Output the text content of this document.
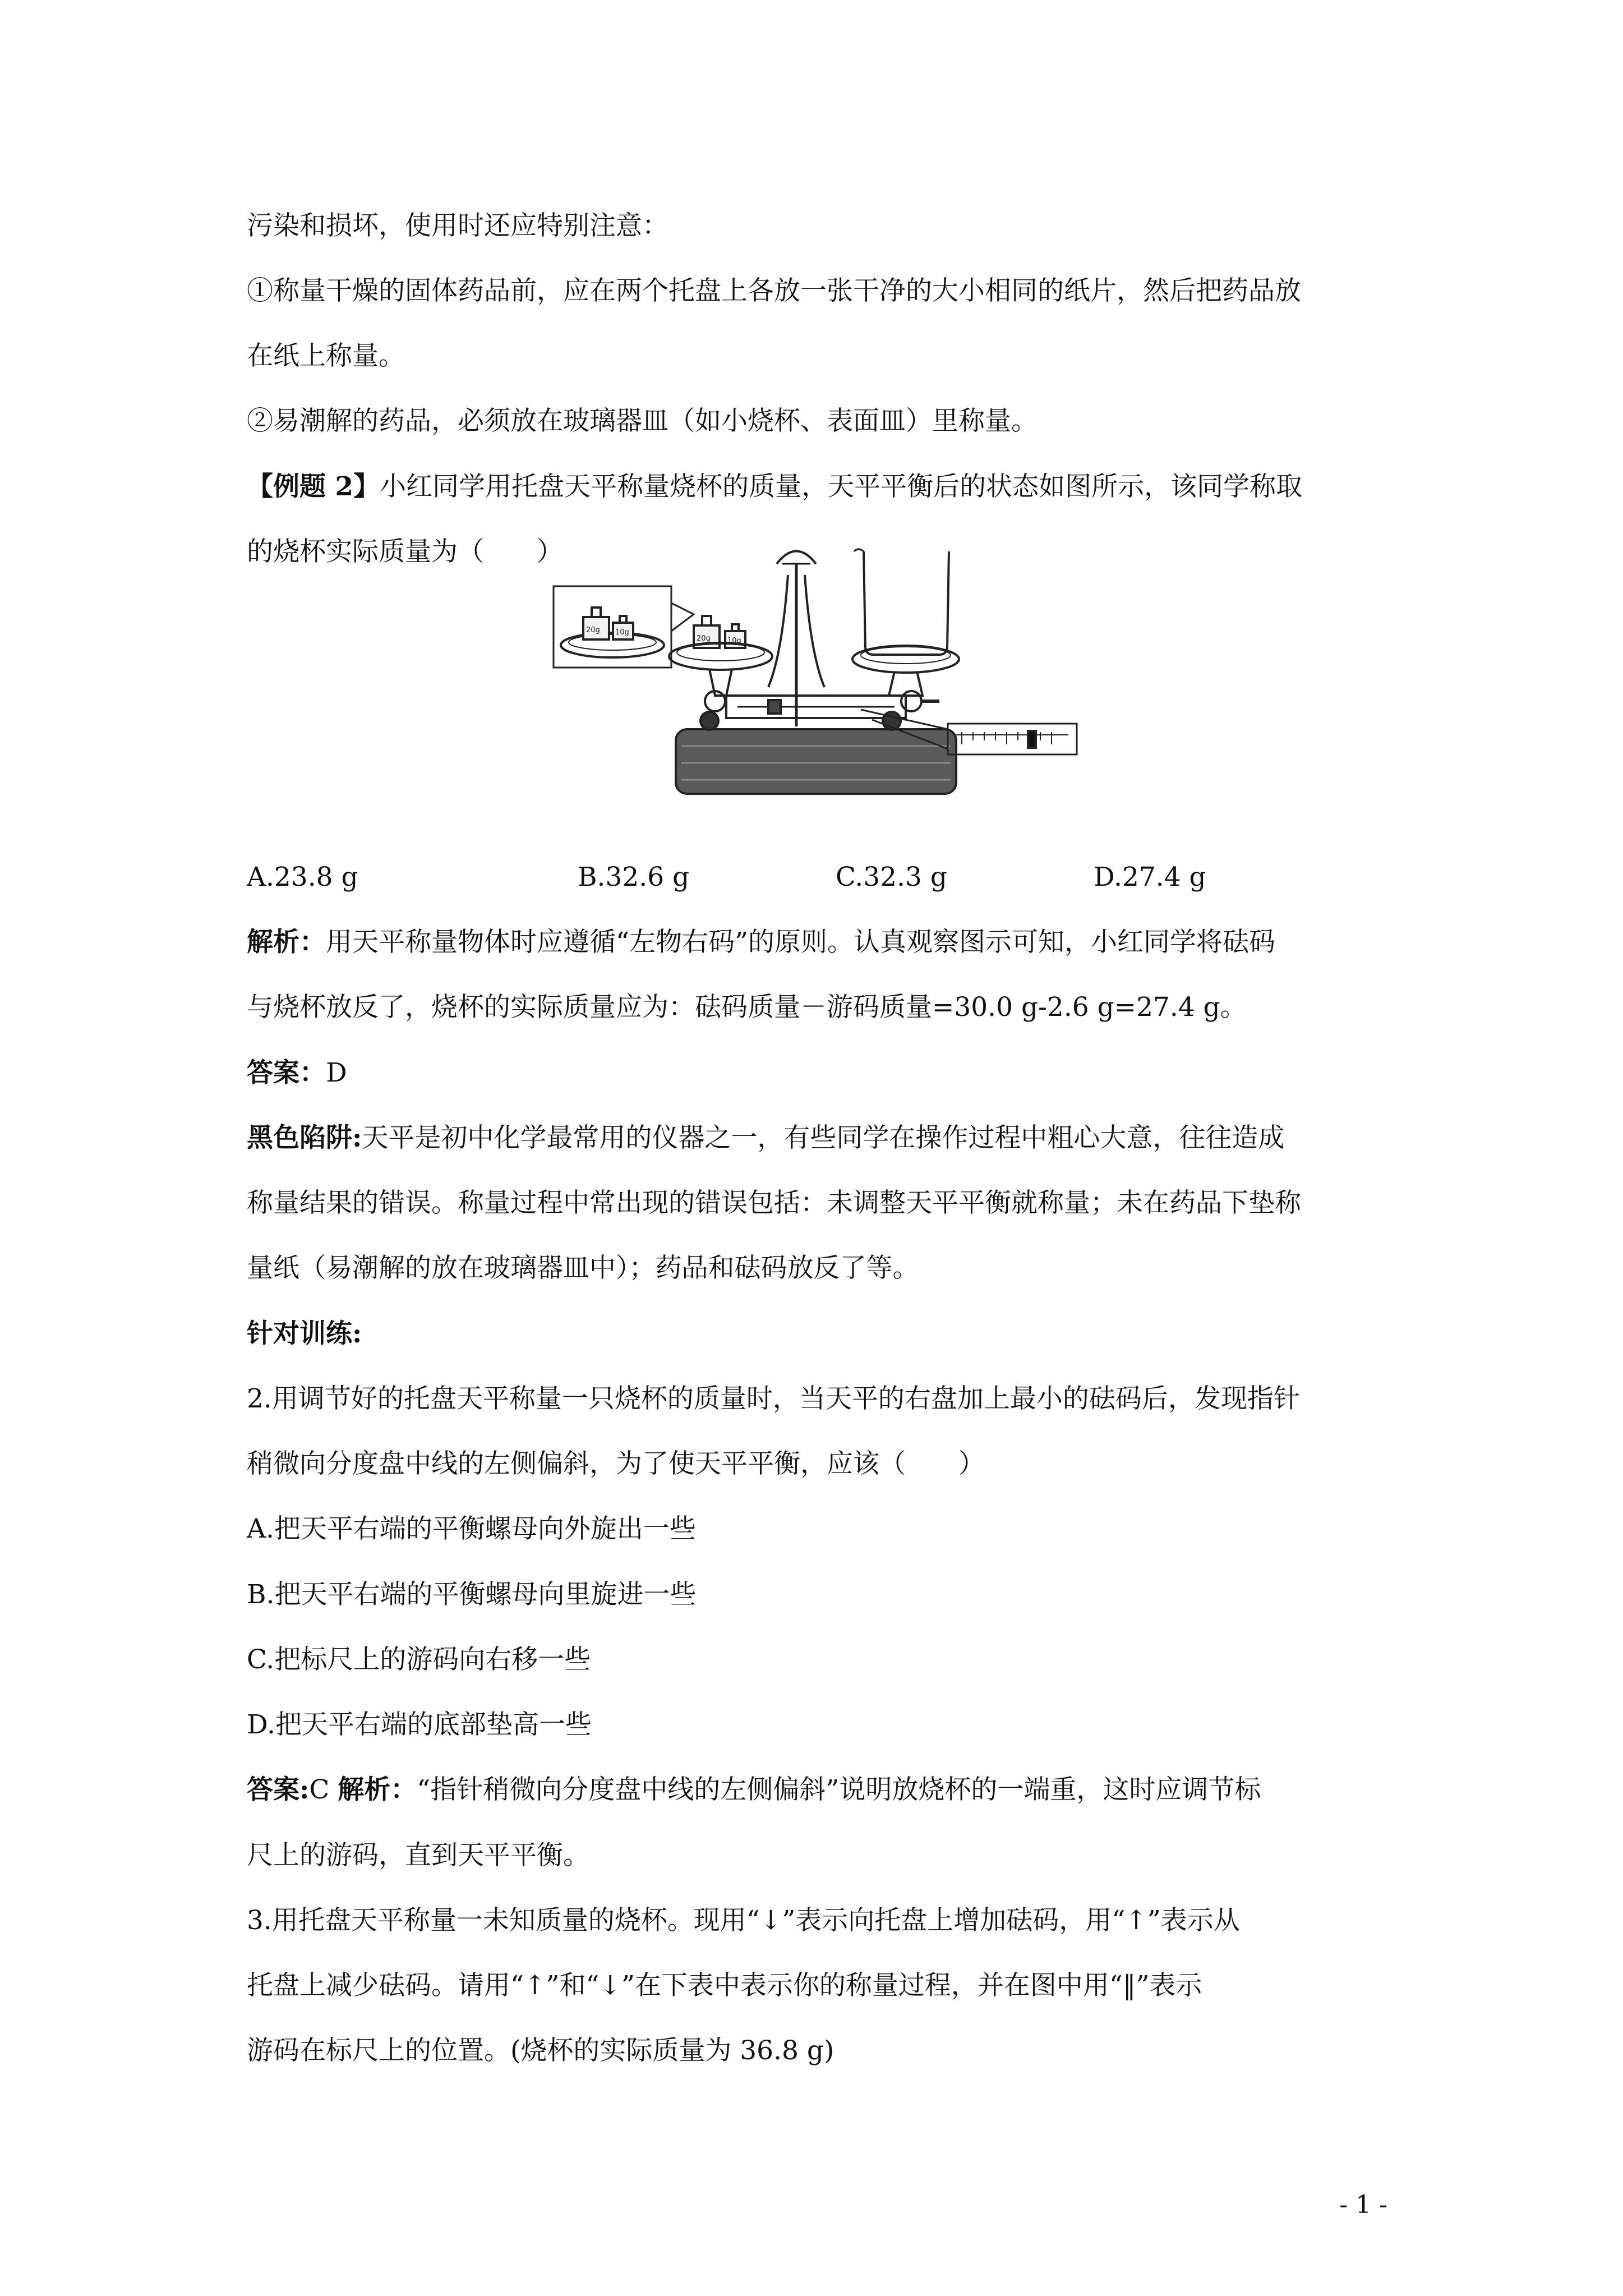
污染和损坏，使用时还应特别注意：
①称量干燥的固体药品前，应在两个托盘上各放一张干净的大小相同的纸片，然后把药品放
在纸上称量。
②易潮解的药品，必须放在玻璃器皿（如小烧杯、表面皿）里称量。
【例题 2】小红同学用托盘天平称量烧杯的质量，天平平衡后的状态如图所示，该同学称取
的烧杯实际质量为（　　）
20g 10g
20g 10g
A.23.8 g	B.32.6 g	C.32.3 g	D.27.4 g
解析：用天平称量物体时应遵循“左物右码”的原则。认真观察图示可知，小红同学将砝码
与烧杯放反了，烧杯的实际质量应为：砝码质量－游码质量=30.0 g-2.6 g=27.4 g。
答案：D
黑色陷阱:天平是初中化学最常用的仪器之一，有些同学在操作过程中粗心大意，往往造成
称量结果的错误。称量过程中常出现的错误包括：未调整天平平衡就称量；未在药品下垫称
量纸（易潮解的放在玻璃器皿中）；药品和砝码放反了等。
针对训练:
2.用调节好的托盘天平称量一只烧杯的质量时，当天平的右盘加上最小的砝码后，发现指针
稍微向分度盘中线的左侧偏斜，为了使天平平衡，应该（　　）
A.把天平右端的平衡螺母向外旋出一些
B.把天平右端的平衡螺母向里旋进一些
C.把标尺上的游码向右移一些
D.把天平右端的底部垫高一些
答案:C 解析：“指针稍微向分度盘中线的左侧偏斜”说明放烧杯的一端重，这时应调节标
尺上的游码，直到天平平衡。
3.用托盘天平称量一未知质量的烧杯。现用“↓”表示向托盘上增加砝码，用“↑”表示从
托盘上减少砝码。请用“↑”和“↓”在下表中表示你的称量过程，并在图中用“‖”表示
游码在标尺上的位置。(烧杯的实际质量为 36.8 g)
- 1 -
